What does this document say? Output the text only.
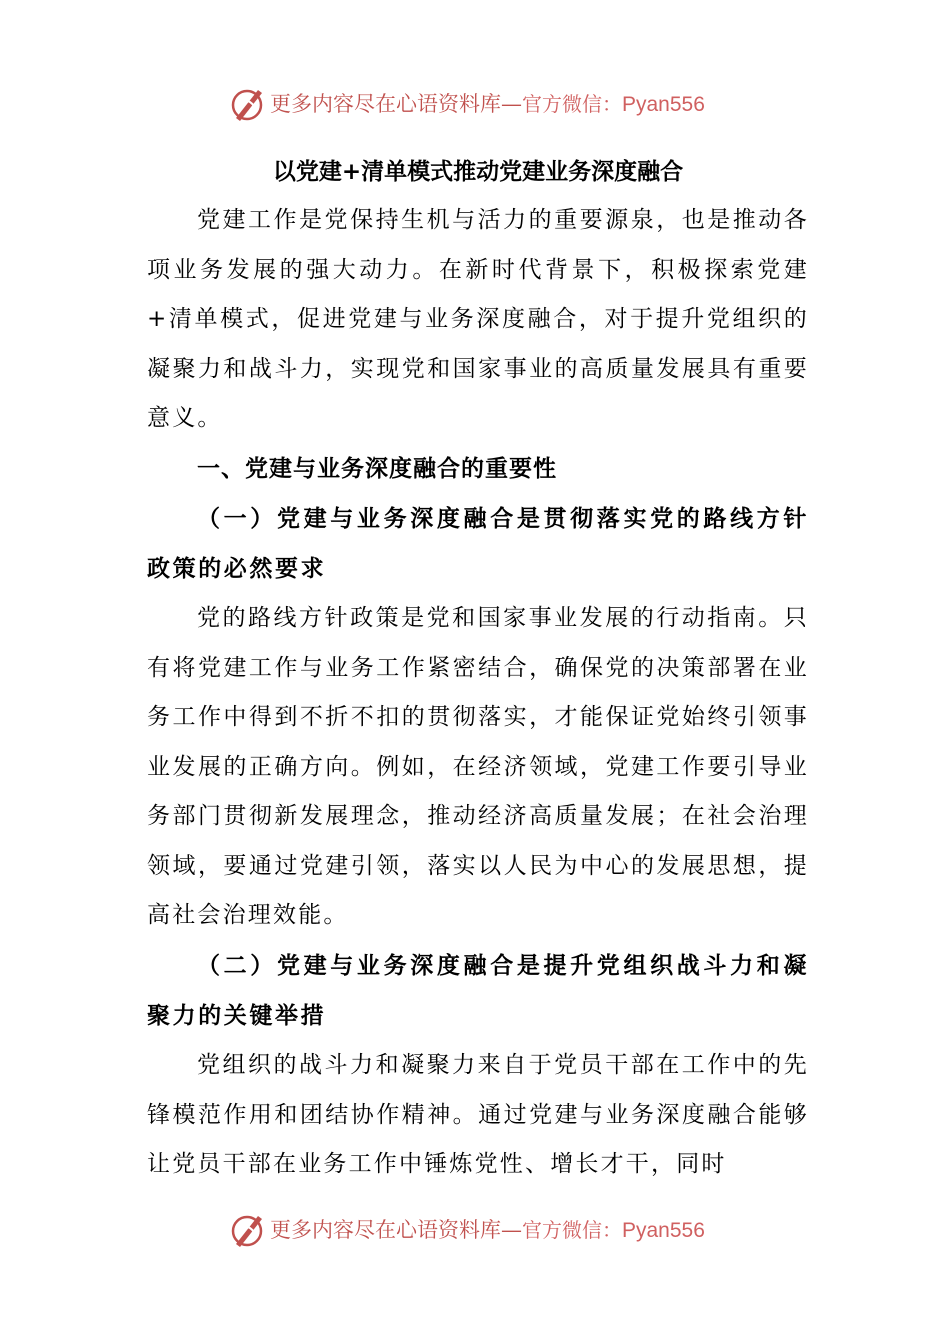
更多内容尽在心语资料库—官方微信：Pyan556
以党建+清单模式推动党建业务深度融合

党建工作是党保持生机与活力的重要源泉，也是推动各项业务发展的强大动力。在新时代背景下，积极探索党建+清单模式，促进党建与业务深度融合，对于提升党组织的凝聚力和战斗力，实现党和国家事业的高质量发展具有重要意义。

一、党建与业务深度融合的重要性

（一）党建与业务深度融合是贯彻落实党的路线方针政策的必然要求

党的路线方针政策是党和国家事业发展的行动指南。只有将党建工作与业务工作紧密结合，确保党的决策部署在业务工作中得到不折不扣的贯彻落实，才能保证党始终引领事业发展的正确方向。例如，在经济领域，党建工作要引导业务部门贯彻新发展理念，推动经济高质量发展；在社会治理领域，要通过党建引领，落实以人民为中心的发展思想，提高社会治理效能。

（二）党建与业务深度融合是提升党组织战斗力和凝聚力的关键举措

党组织的战斗力和凝聚力来自于党员干部在工作中的先锋模范作用和团结协作精神。通过党建与业务深度融合能够让党员干部在业务工作中锤炼党性、增长才干，同时

更多内容尽在心语资料库—官方微信：Pyan556
